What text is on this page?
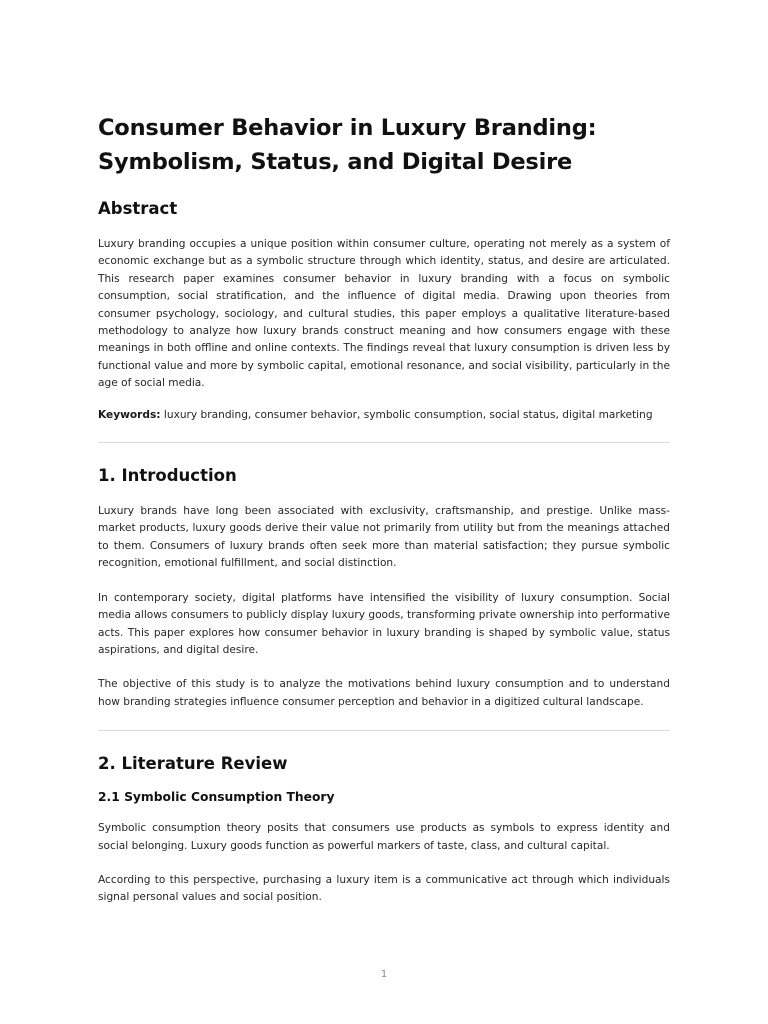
Consumer Behavior in Luxury Branding:
Symbolism, Status, and Digital Desire
Abstract

Luxury branding occupies a unique position within consumer culture, operating not merely as a system of economic exchange but as a symbolic structure through which identity, status, and desire are articulated. This research paper examines consumer behavior in luxury branding with a focus on symbolic consumption, social stratification, and the influence of digital media. Drawing upon theories from consumer psychology, sociology, and cultural studies, this paper employs a qualitative literature-based methodology to analyze how luxury brands construct meaning and how consumers engage with these meanings in both offline and online contexts. The findings reveal that luxury consumption is driven less by functional value and more by symbolic capital, emotional resonance, and social visibility, particularly in the age of social media.

Keywords: luxury branding, consumer behavior, symbolic consumption, social status, digital marketing

1. Introduction

Luxury brands have long been associated with exclusivity, craftsmanship, and prestige. Unlike mass-market products, luxury goods derive their value not primarily from utility but from the meanings attached to them. Consumers of luxury brands often seek more than material satisfaction; they pursue symbolic recognition, emotional fulfillment, and social distinction.

In contemporary society, digital platforms have intensified the visibility of luxury consumption. Social media allows consumers to publicly display luxury goods, transforming private ownership into performative acts. This paper explores how consumer behavior in luxury branding is shaped by symbolic value, status aspirations, and digital desire.

The objective of this study is to analyze the motivations behind luxury consumption and to understand how branding strategies influence consumer perception and behavior in a digitized cultural landscape.

2. Literature Review
2.1 Symbolic Consumption Theory

Symbolic consumption theory posits that consumers use products as symbols to express identity and social belonging. Luxury goods function as powerful markers of taste, class, and cultural capital.

According to this perspective, purchasing a luxury item is a communicative act through which individuals signal personal values and social position.

1
